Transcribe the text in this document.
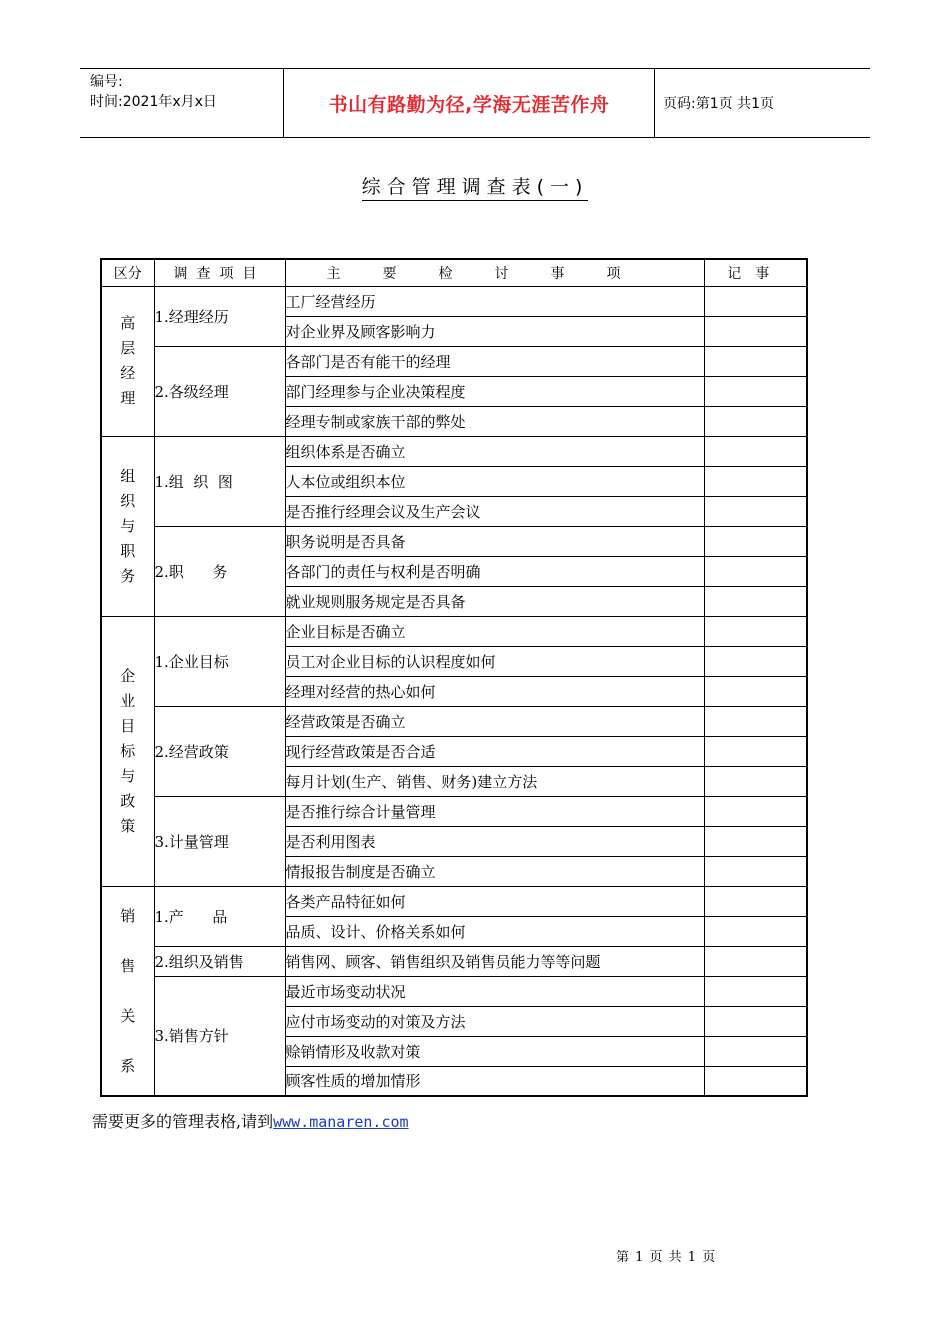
编号:
时间:2021年x月x日	书山有路勤为径,学海无涯苦作舟	页码:第1页 共1页
综合管理调查表(一)
区分	调查项目	主要检讨事项	记事
高层经理	1.经理经历	工厂经营经历	
		对企业界及顾客影响力	
	2.各级经理	各部门是否有能干的经理	
		部门经理参与企业决策程度	
		经理专制或家族干部的弊处	
组织与职务	1.组  织  图	组织体系是否确立	
		人本位或组织本位	
		是否推行经理会议及生产会议	
	2.职      务	职务说明是否具备	
		各部门的责任与权利是否明确	
		就业规则服务规定是否具备	
企业目标与政策	1.企业目标	企业目标是否确立	
		员工对企业目标的认识程度如何	
		经理对经营的热心如何	
	2.经营政策	经营政策是否确立	
		现行经营政策是否合适	
		每月计划(生产、销售、财务)建立方法	
	3.计量管理	是否推行综合计量管理	
		是否利用图表	
		情报报告制度是否确立	
销售关系	1.产      品	各类产品特征如何	
		品质、设计、价格关系如何	
	2.组织及销售	销售网、顾客、销售组织及销售员能力等等问题	
	3.销售方针	最近市场变动状况	
		应付市场变动的对策及方法	
		赊销情形及收款对策	
		顾客性质的增加情形	
需要更多的管理表格,请到www.manaren.com
第 1 页 共 1 页
